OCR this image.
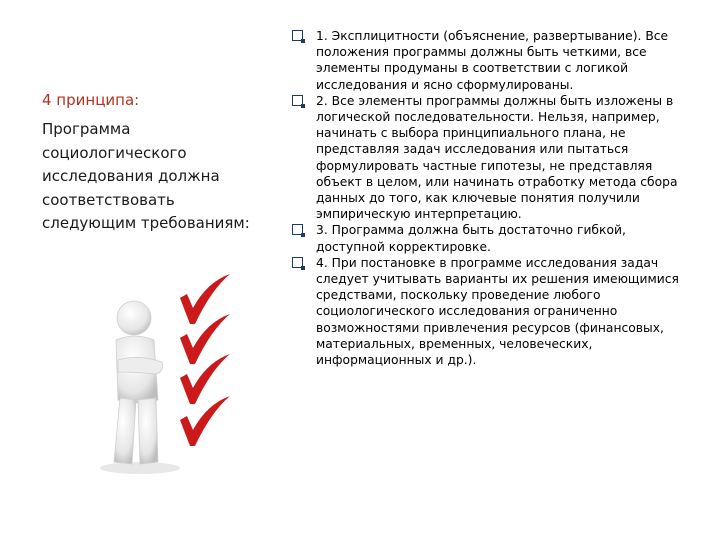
4 принципа:
Программа социологического исследования должна соответствовать следующим требованиям:
1. Эксплицитности (объяснение, развертывание). Все положения программы должны быть четкими, все элементы продуманы в соответствии с логикой исследования и ясно сформулированы.
2. Все элементы программы должны быть изложены в логической последовательности. Нельзя, например, начинать с выбора принципиального плана, не представляя задач исследования или пытаться формулировать частные гипотезы, не представляя объект в целом, или начинать отработку метода сбора данных до того, как ключевые понятия получили эмпирическую интерпретацию.
3. Программа должна быть достаточно гибкой, доступной корректировке.
4. При постановке в программе исследования задач следует учитывать варианты их решения имеющимися средствами, поскольку проведение любого социологического исследования ограниченно возможностями привлечения ресурсов (финансовых, материальных, временных, человеческих, информационных и др.).
